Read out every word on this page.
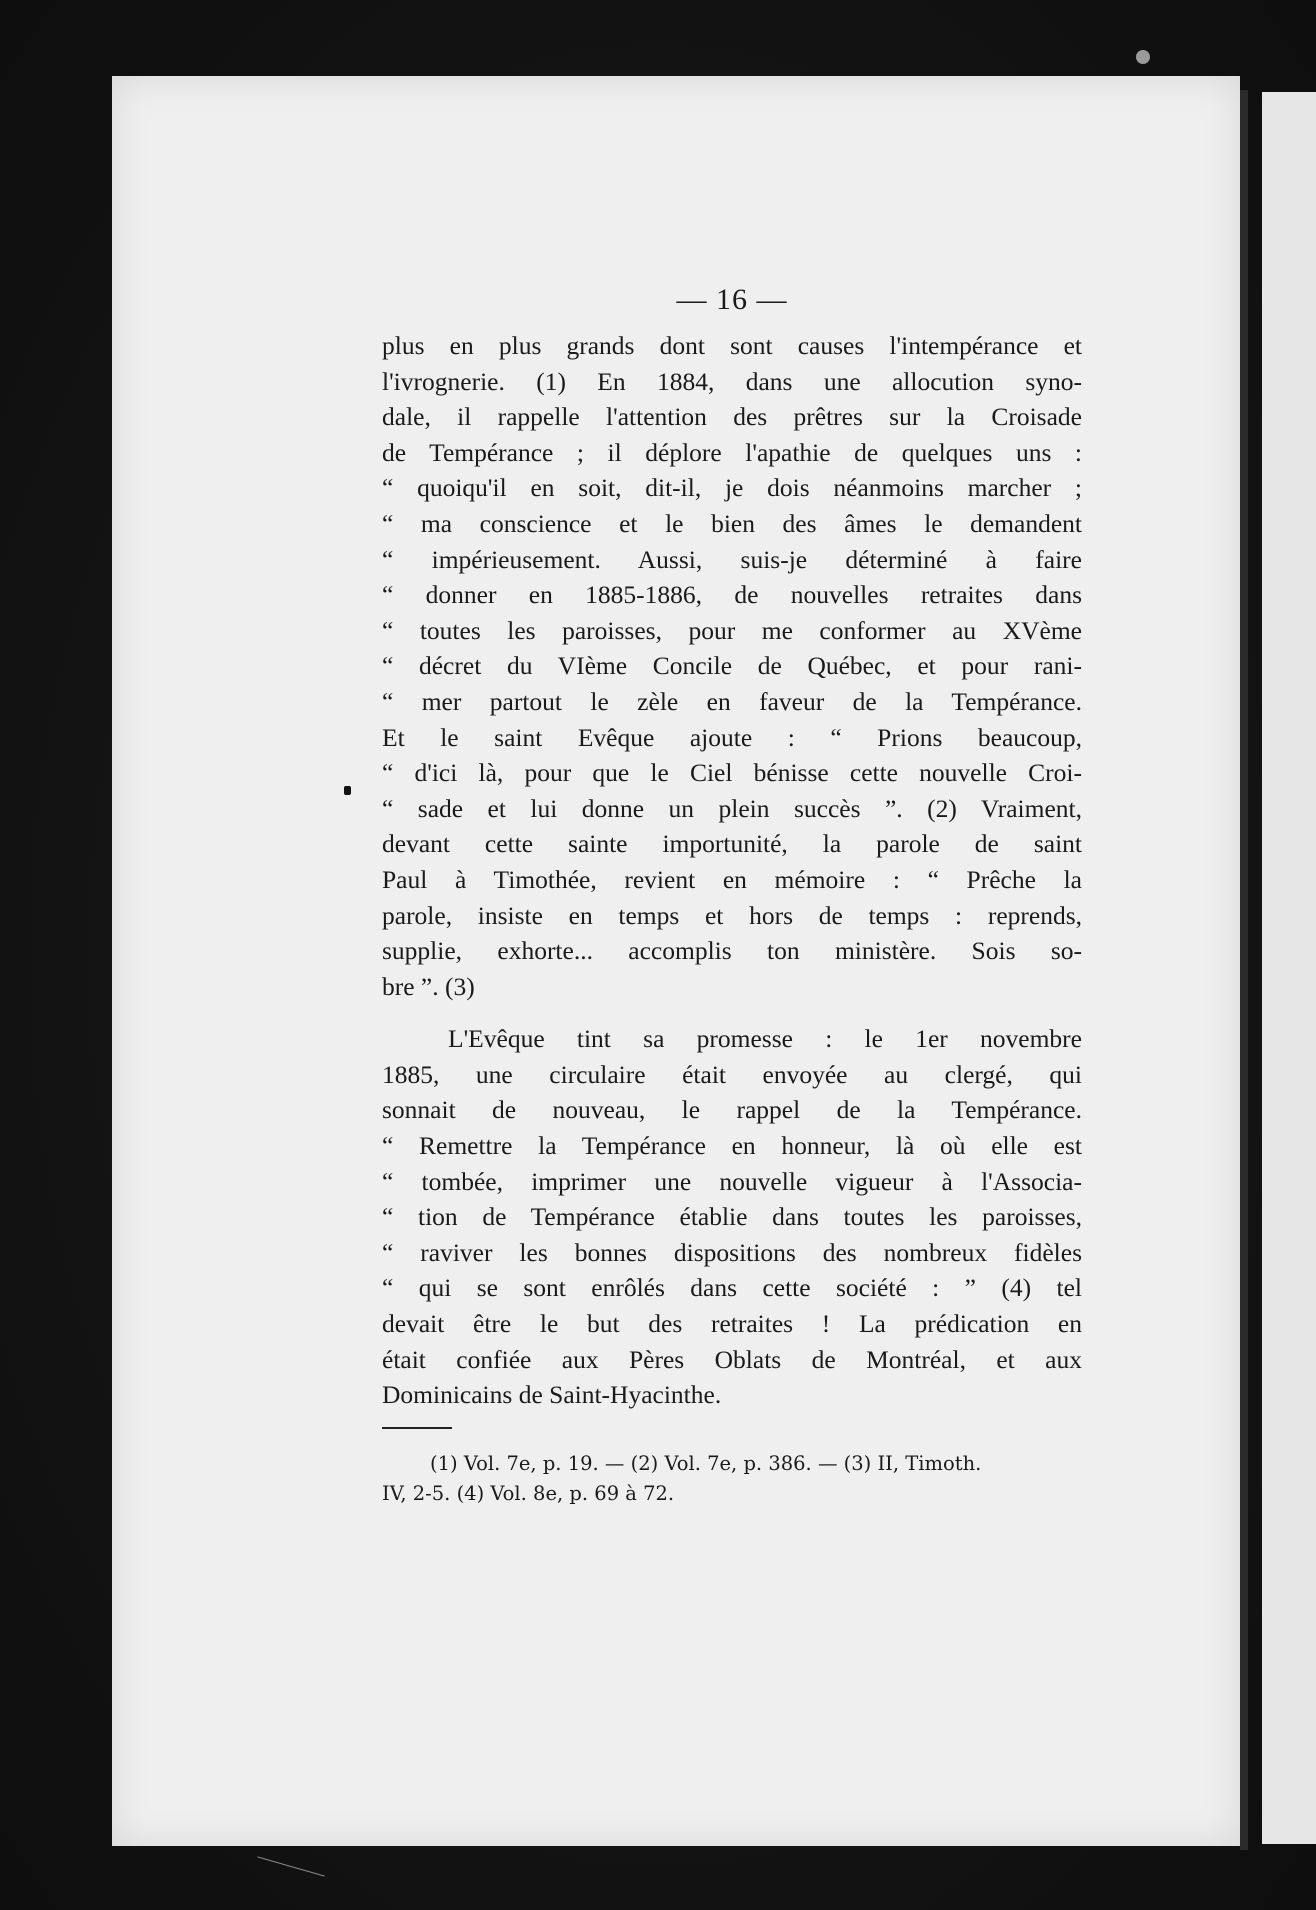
— 16 —
plus en plus grands dont sont causes l'intempérance et
l'ivrognerie. (1) En 1884, dans une allocution syno-
dale, il rappelle l'attention des prêtres sur la Croisade
de Tempérance ; il déplore l'apathie de quelques uns :
“ quoiqu'il en soit, dit-il, je dois néanmoins marcher ;
“ ma conscience et le bien des âmes le demandent
“ impérieusement. Aussi, suis-je déterminé à faire
“ donner en 1885-1886, de nouvelles retraites dans
“ toutes les paroisses, pour me conformer au XVème
“ décret du VIème Concile de Québec, et pour rani-
“ mer partout le zèle en faveur de la Tempérance.
Et le saint Evêque ajoute : “ Prions beaucoup,
“ d'ici là, pour que le Ciel bénisse cette nouvelle Croi-
“ sade et lui donne un plein succès ”. (2) Vraiment,
devant cette sainte importunité, la parole de saint
Paul à Timothée, revient en mémoire : “ Prêche la
parole, insiste en temps et hors de temps : reprends,
supplie, exhorte... accomplis ton ministère. Sois so-
bre ”. (3)
L'Evêque tint sa promesse : le 1er novembre
1885, une circulaire était envoyée au clergé, qui
sonnait de nouveau, le rappel de la Tempérance.
“ Remettre la Tempérance en honneur, là où elle est
“ tombée, imprimer une nouvelle vigueur à l'Associa-
“ tion de Tempérance établie dans toutes les paroisses,
“ raviver les bonnes dispositions des nombreux fidèles
“ qui se sont enrôlés dans cette société : ” (4) tel
devait être le but des retraites ! La prédication en
était confiée aux Pères Oblats de Montréal, et aux
Dominicains de Saint-Hyacinthe.
(1) Vol. 7e, p. 19. — (2) Vol. 7e, p. 386. — (3) II, Timoth.
IV, 2-5. (4) Vol. 8e, p. 69 à 72.
